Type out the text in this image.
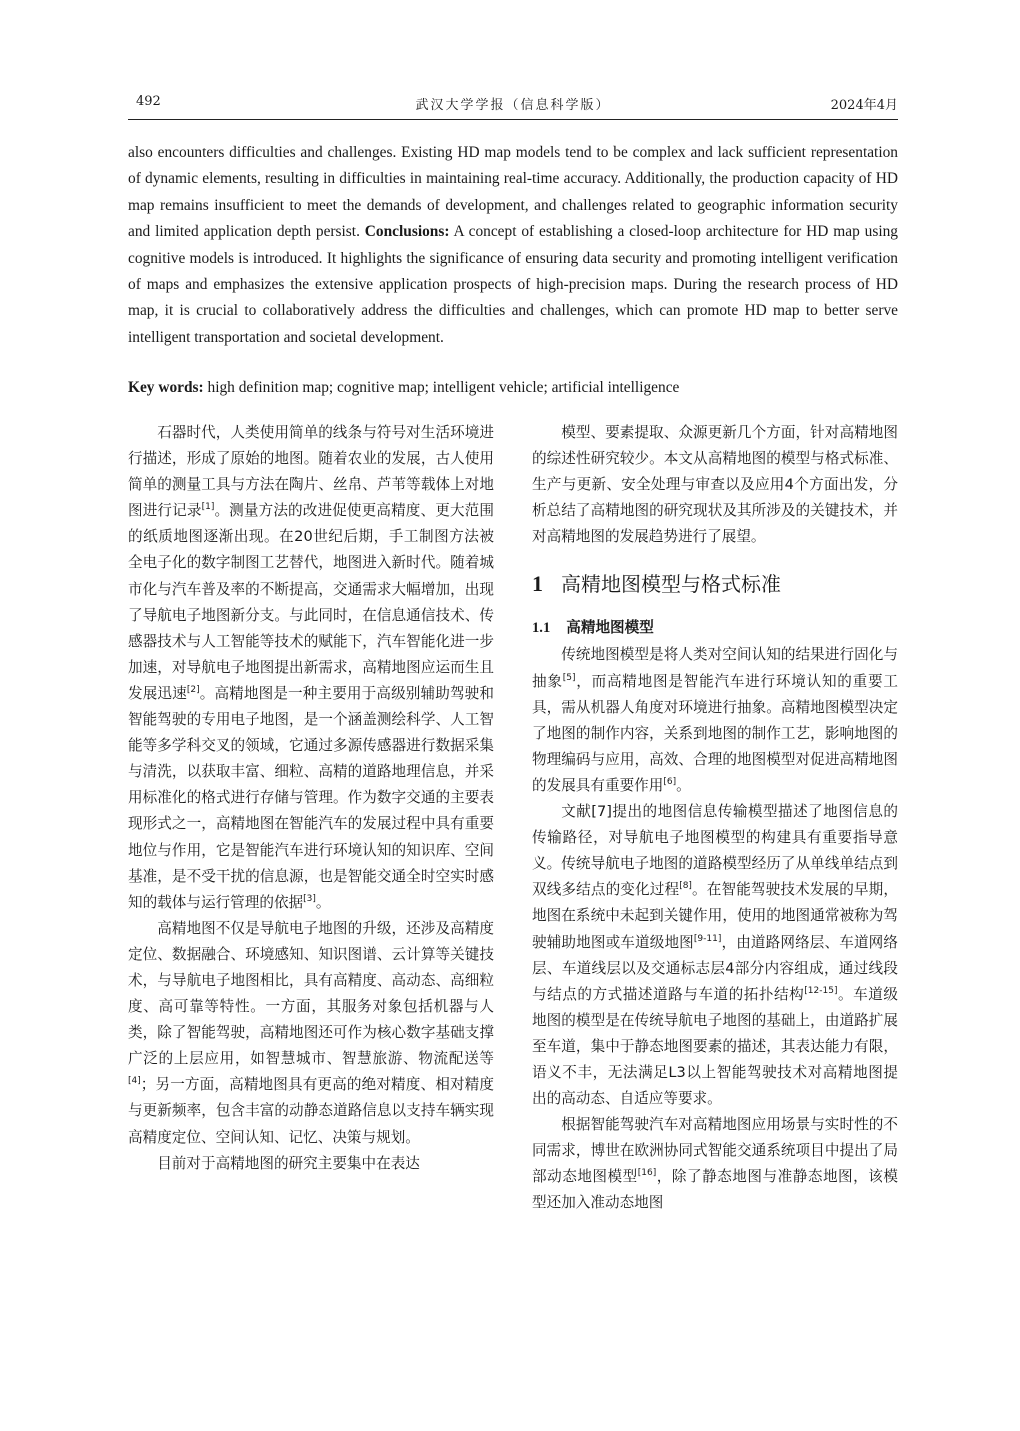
492	武汉大学学报（信息科学版）	2024年4月
also encounters difficulties and challenges. Existing HD map models tend to be complex and lack sufficient representation of dynamic elements, resulting in difficulties in maintaining real-time accuracy. Additionally, the production capacity of HD map remains insufficient to meet the demands of development, and challenges related to geographic information security and limited application depth persist. Conclusions: A concept of establishing a closed-loop architecture for HD map using cognitive models is introduced. It highlights the significance of ensuring data security and promoting intelligent verification of maps and emphasizes the extensive application prospects of high-precision maps. During the research process of HD map, it is crucial to collaboratively address the difficulties and challenges, which can promote HD map to better serve intelligent transportation and societal development.
Key words: high definition map; cognitive map; intelligent vehicle; artificial intelligence

石器时代，人类使用简单的线条与符号对生活环境进行描述，形成了原始的地图。随着农业的发展，古人使用简单的测量工具与方法在陶片、丝帛、芦苇等载体上对地图进行记录[1]。测量方法的改进促使更高精度、更大范围的纸质地图逐渐出现。在20世纪后期，手工制图方法被全电子化的数字制图工艺替代，地图进入新时代。随着城市化与汽车普及率的不断提高，交通需求大幅增加，出现了导航电子地图新分支。与此同时，在信息通信技术、传感器技术与人工智能等技术的赋能下，汽车智能化进一步加速，对导航电子地图提出新需求，高精地图应运而生且发展迅速[2]。高精地图是一种主要用于高级别辅助驾驶和智能驾驶的专用电子地图，是一个涵盖测绘科学、人工智能等多学科交叉的领域，它通过多源传感器进行数据采集与清洗，以获取丰富、细粒、高精的道路地理信息，并采用标准化的格式进行存储与管理。作为数字交通的主要表现形式之一，高精地图在智能汽车的发展过程中具有重要地位与作用，它是智能汽车进行环境认知的知识库、空间基准，是不受干扰的信息源，也是智能交通全时空实时感知的载体与运行管理的依据[3]。

高精地图不仅是导航电子地图的升级，还涉及高精度定位、数据融合、环境感知、知识图谱、云计算等关键技术，与导航电子地图相比，具有高精度、高动态、高细粒度、高可靠等特性。一方面，其服务对象包括机器与人类，除了智能驾驶，高精地图还可作为核心数字基础支撑广泛的上层应用，如智慧城市、智慧旅游、物流配送等[4]；另一方面，高精地图具有更高的绝对精度、相对精度与更新频率，包含丰富的动静态道路信息以支持车辆实现高精度定位、空间认知、记忆、决策与规划。

目前对于高精地图的研究主要集中在表达

模型、要素提取、众源更新几个方面，针对高精地图的综述性研究较少。本文从高精地图的模型与格式标准、生产与更新、安全处理与审查以及应用4个方面出发，分析总结了高精地图的研究现状及其所涉及的关键技术，并对高精地图的发展趋势进行了展望。

1 高精地图模型与格式标准
1.1 高精地图模型

传统地图模型是将人类对空间认知的结果进行固化与抽象[5]，而高精地图是智能汽车进行环境认知的重要工具，需从机器人角度对环境进行抽象。高精地图模型决定了地图的制作内容，关系到地图的制作工艺，影响地图的物理编码与应用，高效、合理的地图模型对促进高精地图的发展具有重要作用[6]。

文献[7]提出的地图信息传输模型描述了地图信息的传输路径，对导航电子地图模型的构建具有重要指导意义。传统导航电子地图的道路模型经历了从单线单结点到双线多结点的变化过程[8]。在智能驾驶技术发展的早期，地图在系统中未起到关键作用，使用的地图通常被称为驾驶辅助地图或车道级地图[9-11]，由道路网络层、车道网络层、车道线层以及交通标志层4部分内容组成，通过线段与结点的方式描述道路与车道的拓扑结构[12-15]。车道级地图的模型是在传统导航电子地图的基础上，由道路扩展至车道，集中于静态地图要素的描述，其表达能力有限，语义不丰，无法满足L3以上智能驾驶技术对高精地图提出的高动态、自适应等要求。

根据智能驾驶汽车对高精地图应用场景与实时性的不同需求，博世在欧洲协同式智能交通系统项目中提出了局部动态地图模型[16]，除了静态地图与准静态地图，该模型还加入准动态地图
